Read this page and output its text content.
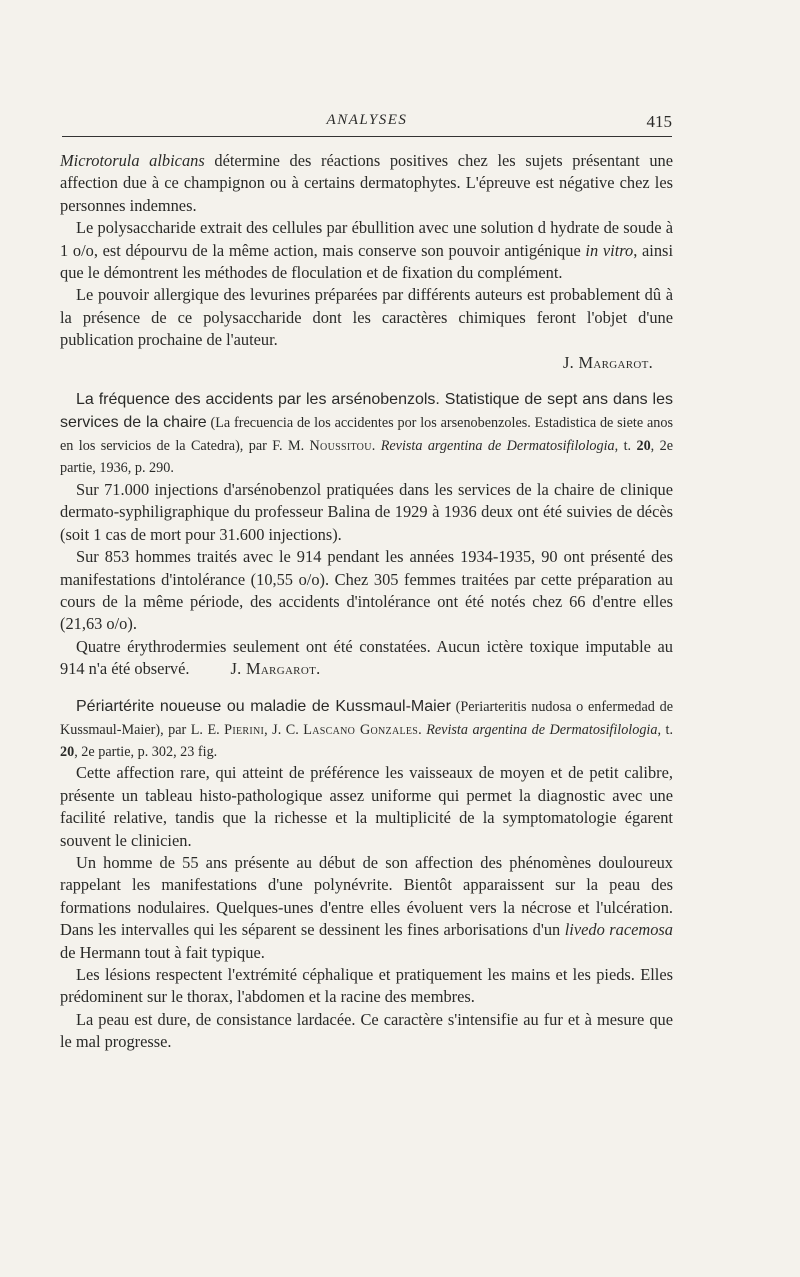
ANALYSES	415

Microtorula albicans détermine des réactions positives chez les sujets présentant une affection due à ce champignon ou à certains dermatophytes. L'épreuve est négative chez les personnes indemnes.

Le polysaccharide extrait des cellules par ébullition avec une solution d hydrate de soude à 1 o/o, est dépourvu de la même action, mais conserve son pouvoir antigénique in vitro, ainsi que le démontrent les méthodes de floculation et de fixation du complément.

Le pouvoir allergique des levurines préparées par différents auteurs est probablement dû à la présence de ce polysaccharide dont les caractères chimiques feront l'objet d'une publication prochaine de l'auteur.

J. Margarot.

La fréquence des accidents par les arsénobenzols. Statistique de sept ans dans les services de la chaire (La frecuencia de los accidentes por los arsenobenzoles. Estadistica de siete anos en los servicios de la Catedra), par F. M. Noussitou. Revista argentina de Dermatosifilologia, t. 20, 2e partie, 1936, p. 290.

Sur 71.000 injections d'arsénobenzol pratiquées dans les services de la chaire de clinique dermato-syphiligraphique du professeur Balina de 1929 à 1936 deux ont été suivies de décès (soit 1 cas de mort pour 31.600 injections).

Sur 853 hommes traités avec le 914 pendant les années 1934-1935, 90 ont présenté des manifestations d'intolérance (10,55 o/o). Chez 305 femmes traitées par cette préparation au cours de la même période, des accidents d'intolérance ont été notés chez 66 d'entre elles (21,63 o/o).

Quatre érythrodermies seulement ont été constatées. Aucun ictère toxique imputable au 914 n'a été observé. J. Margarot.

Périartérite noueuse ou maladie de Kussmaul-Maier (Periarteritis nudosa o enfermedad de Kussmaul-Maier), par L. E. Pierini, J. C. Lascano Gonzales. Revista argentina de Dermatosifilologia, t. 20, 2e partie, p. 302, 23 fig.

Cette affection rare, qui atteint de préférence les vaisseaux de moyen et de petit calibre, présente un tableau histo-pathologique assez uniforme qui permet la diagnostic avec une facilité relative, tandis que la richesse et la multiplicité de la symptomatologie égarent souvent le clinicien.

Un homme de 55 ans présente au début de son affection des phénomènes douloureux rappelant les manifestations d'une polynévrite. Bientôt apparaissent sur la peau des formations nodulaires. Quelques-unes d'entre elles évoluent vers la nécrose et l'ulcération. Dans les intervalles qui les séparent se dessinent les fines arborisations d'un livedo racemosa de Hermann tout à fait typique.

Les lésions respectent l'extrémité céphalique et pratiquement les mains et les pieds. Elles prédominent sur le thorax, l'abdomen et la racine des membres.

La peau est dure, de consistance lardacée. Ce caractère s'intensifie au fur et à mesure que le mal progresse.
